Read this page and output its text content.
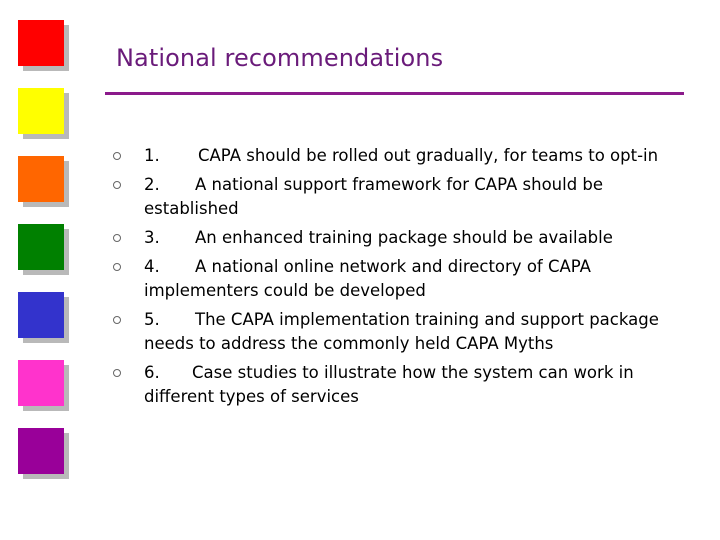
National recommendations
1. CAPA should be rolled out gradually, for teams to opt-in
2. A national support framework for CAPA should be established
3. An enhanced training package should be available
4. A national online network and directory of CAPA implementers could be developed
5. The CAPA implementation training and support package needs to address the commonly held CAPA Myths
6. Case studies to illustrate how the system can work in different types of services
